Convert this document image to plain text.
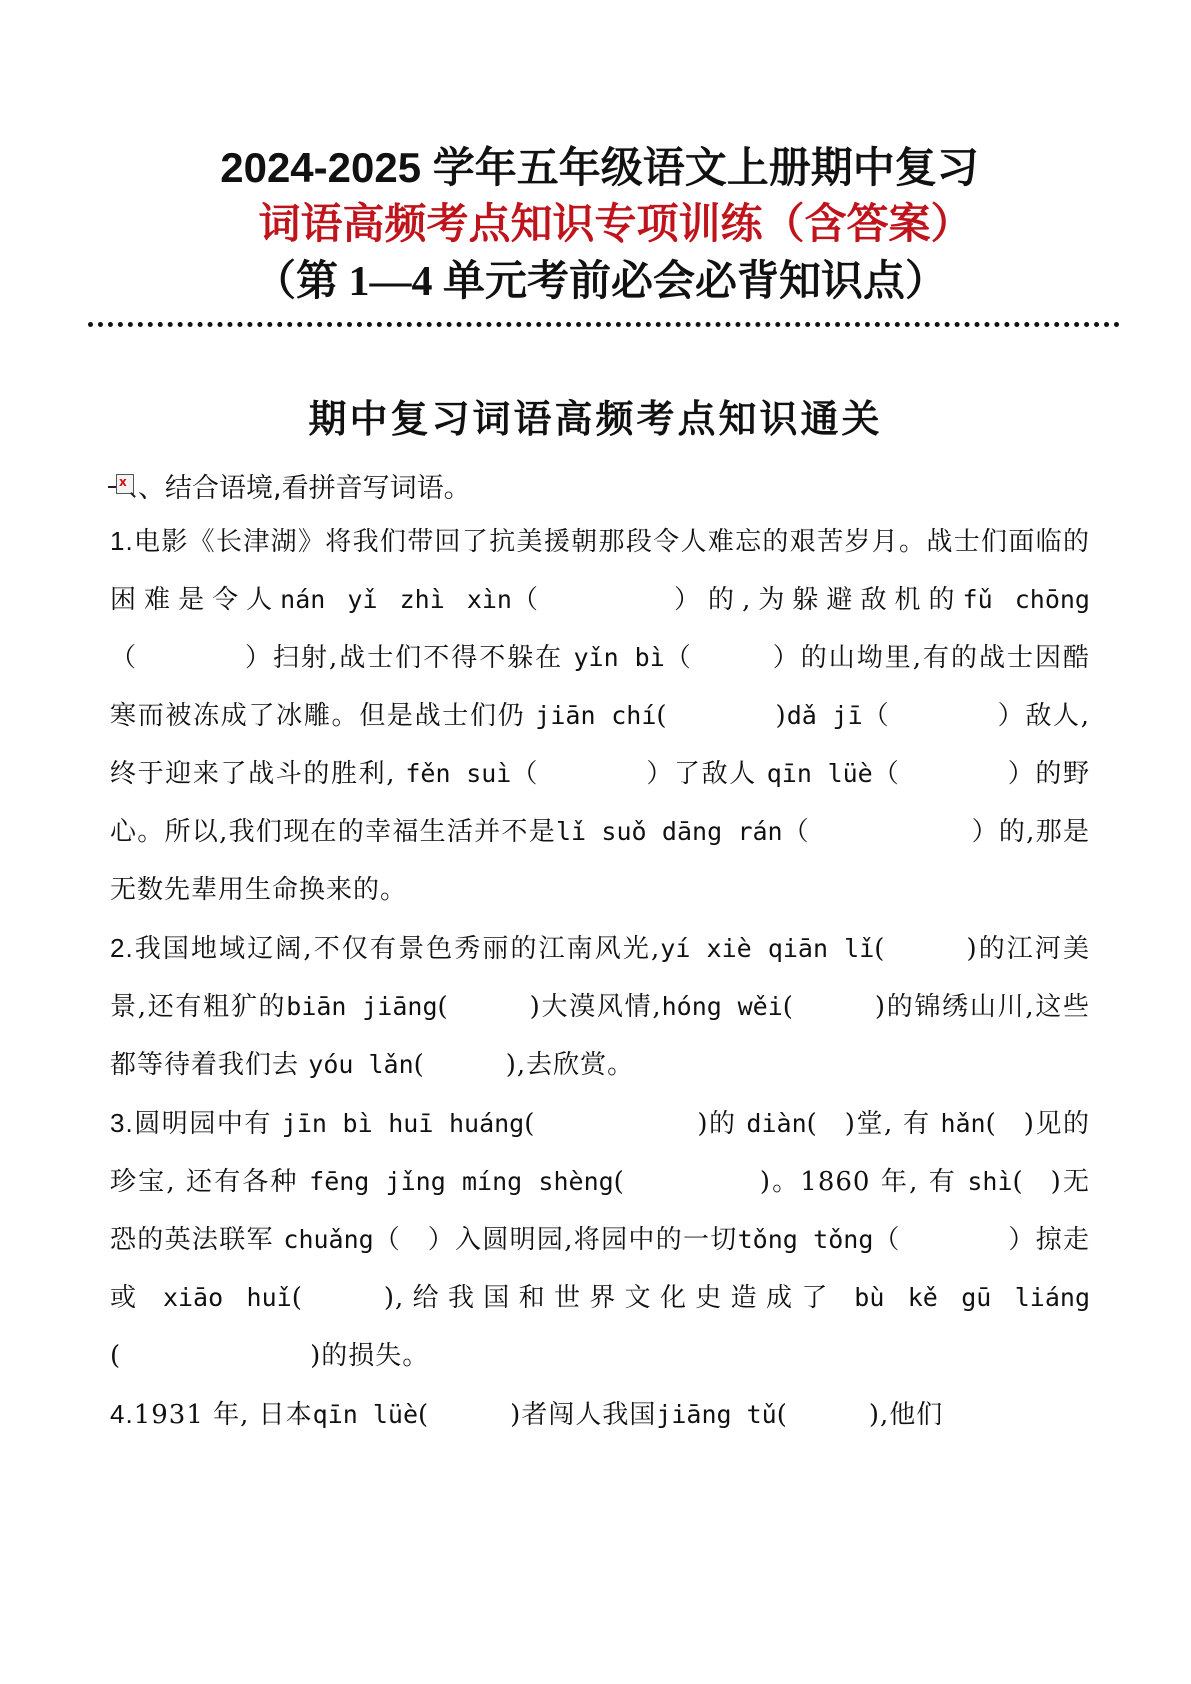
2024-2025 学年五年级语文上册期中复习
词语高频考点知识专项训练（含答案）
（第 1—4 单元考前必会必背知识点）
期中复习词语高频考点知识通关
x 、结合语境,看拼音写词语。

1.电影《长津湖》将我们带回了抗美援朝那段令人难忘的艰苦岁月。战士们面临的困难是令人nán yǐ zhì xìn（　　　　　）的,为躲避敌机的fǔ chōng（　　　　）扫射,战士们不得不躲在 yǐn bì（　　　）的山坳里,有的战士因酷寒而被冻成了冰雕。但是战士们仍 jiān chí(　　　　)dǎ jī（　　　　）敌人,终于迎来了战斗的胜利, fěn suì（　　　　）了敌人 qīn lüè（　　　　）的野心。所以,我们现在的幸福生活并不是lǐ suǒ dāng rán（　　　　　　）的,那是无数先辈用生命换来的。

2.我国地域辽阔,不仅有景色秀丽的江南风光,yí xiè qiān lǐ(　　　)的江河美景,还有粗犷的biān jiāng(　　　)大漠风情,hóng wěi(　　　)的锦绣山川,这些都等待着我们去 yóu lǎn(　　　),去欣赏。

3.圆明园中有 jīn bì huī huáng(　　　　　　)的 diàn(　)堂, 有 hǎn(　)见的珍宝, 还有各种 fēng jǐng míng shèng(　　　　　)。1860 年, 有 shì(　)无恐的英法联军 chuǎng（　）入圆明园,将园中的一切tǒng tǒng（　　　　）掠走或 xiāo huǐ(　　　),给我国和世界文化史造成了 bù kě gū liáng(　　　　　　　)的损失。

4.1931 年, 日本qīn lüè(　　　)者闯人我国jiāng tǔ(　　　),他们
